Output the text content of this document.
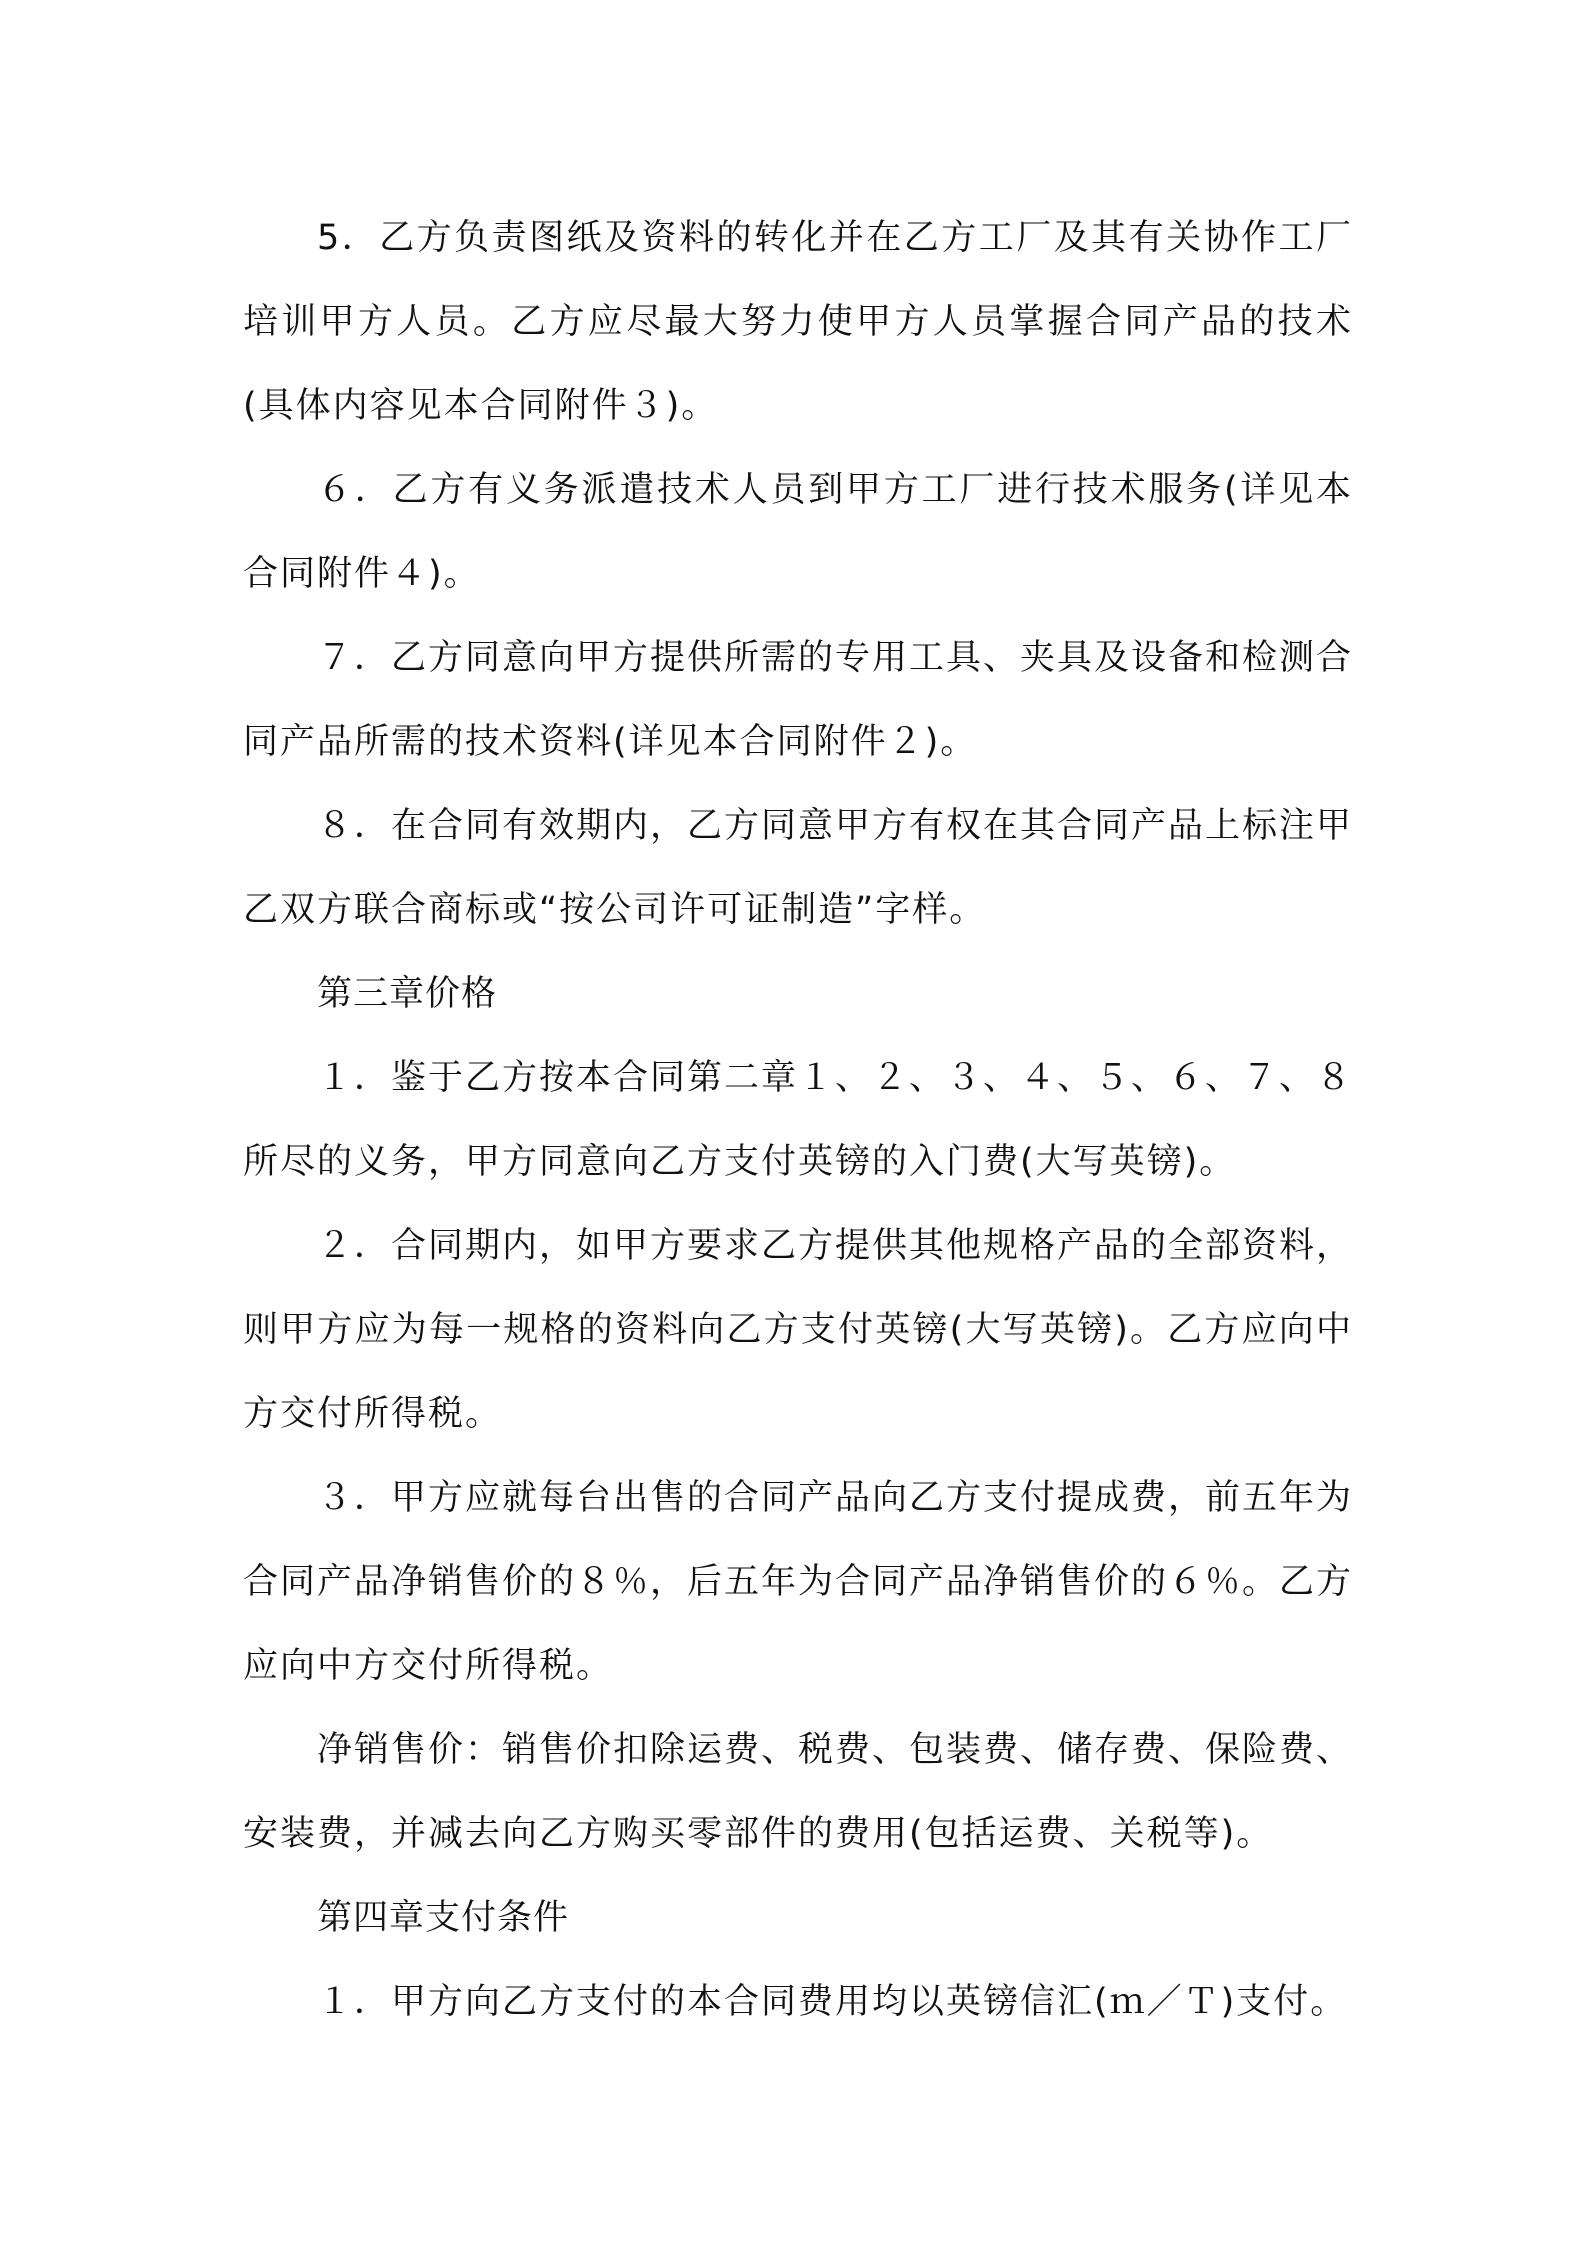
5．乙方负责图纸及资料的转化并在乙方工厂及其有关协作工厂培训甲方人员。乙方应尽最大努力使甲方人员掌握合同产品的技术(具体内容见本合同附件３)。

６．乙方有义务派遣技术人员到甲方工厂进行技术服务(详见本合同附件４)。

７．乙方同意向甲方提供所需的专用工具、夹具及设备和检测合同产品所需的技术资料(详见本合同附件２)。

８．在合同有效期内，乙方同意甲方有权在其合同产品上标注甲乙双方联合商标或“按公司许可证制造”字样。

第三章价格

１．鉴于乙方按本合同第二章１、２、３、４、５、６、７、８所尽的义务，甲方同意向乙方支付英镑的入门费(大写英镑)。

２．合同期内，如甲方要求乙方提供其他规格产品的全部资料，则甲方应为每一规格的资料向乙方支付英镑(大写英镑)。乙方应向中方交付所得税。

３．甲方应就每台出售的合同产品向乙方支付提成费，前五年为合同产品净销售价的８％，后五年为合同产品净销售价的６％。乙方应向中方交付所得税。

净销售价：销售价扣除运费、税费、包装费、储存费、保险费、安装费，并减去向乙方购买零部件的费用(包括运费、关税等)。

第四章支付条件

１．甲方向乙方支付的本合同费用均以英镑信汇(ｍ／Ｔ)支付。
